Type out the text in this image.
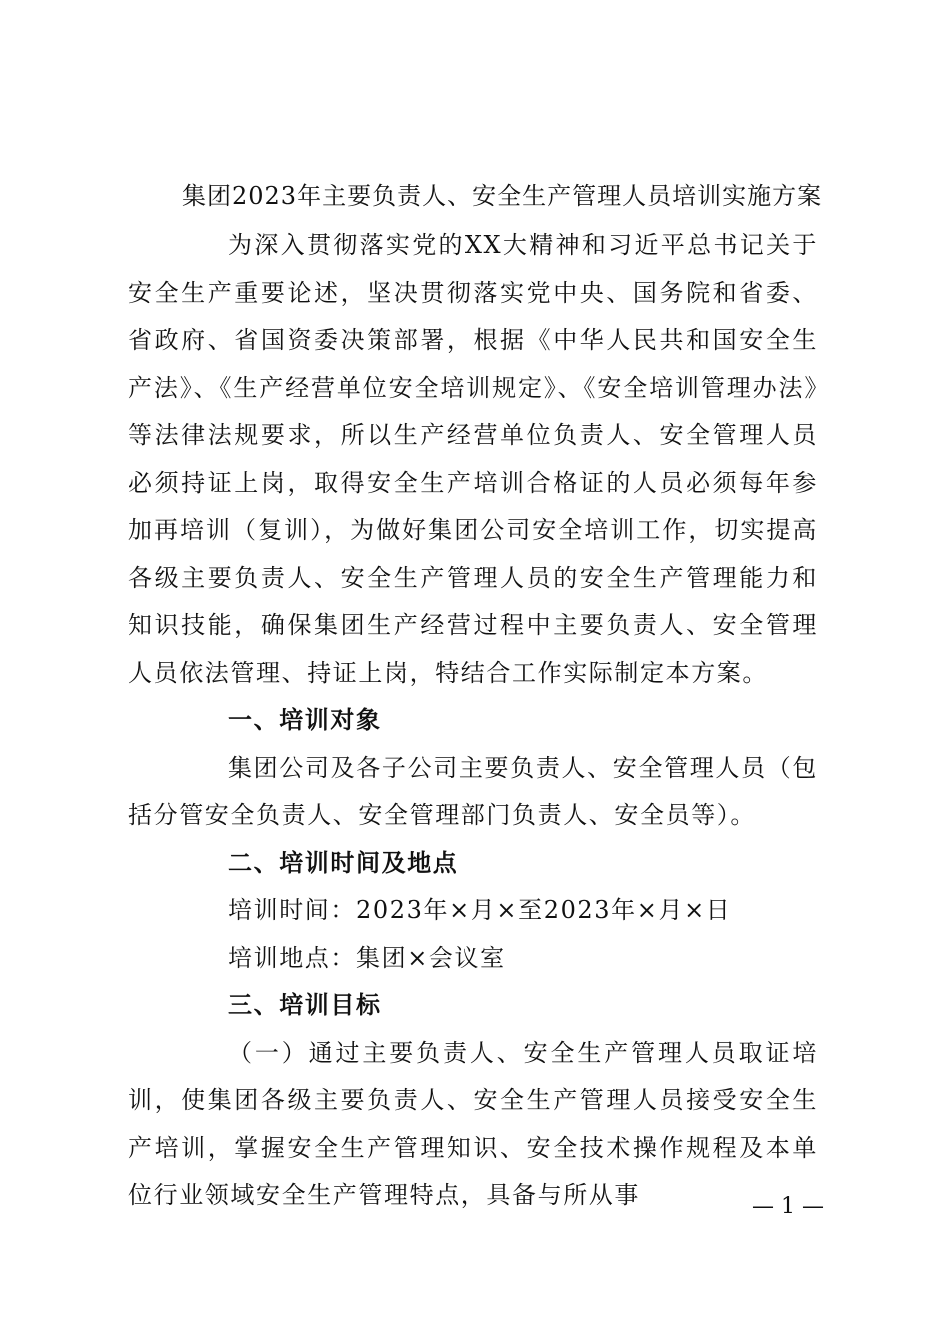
集团2023年主要负责人、安全生产管理人员培训实施方案

为深入贯彻落实党的XX大精神和习近平总书记关于安全生产重要论述，坚决贯彻落实党中央、国务院和省委、省政府、省国资委决策部署，根据《中华人民共和国安全生产法》、《生产经营单位安全培训规定》、《安全培训管理办法》等法律法规要求，所以生产经营单位负责人、安全管理人员必须持证上岗，取得安全生产培训合格证的人员必须每年参加再培训（复训），为做好集团公司安全培训工作，切实提高各级主要负责人、安全生产管理人员的安全生产管理能力和知识技能，确保集团生产经营过程中主要负责人、安全管理人员依法管理、持证上岗，特结合工作实际制定本方案。

一、培训对象

集团公司及各子公司主要负责人、安全管理人员（包括分管安全负责人、安全管理部门负责人、安全员等）。

二、培训时间及地点

培训时间：2023年×月×至2023年×月×日

培训地点：集团×会议室

三、培训目标

（一）通过主要负责人、安全生产管理人员取证培训，使集团各级主要负责人、安全生产管理人员接受安全生产培训，掌握安全生产管理知识、安全技术操作规程及本单位行业领域安全生产管理特点，具备与所从事	— 1 —
